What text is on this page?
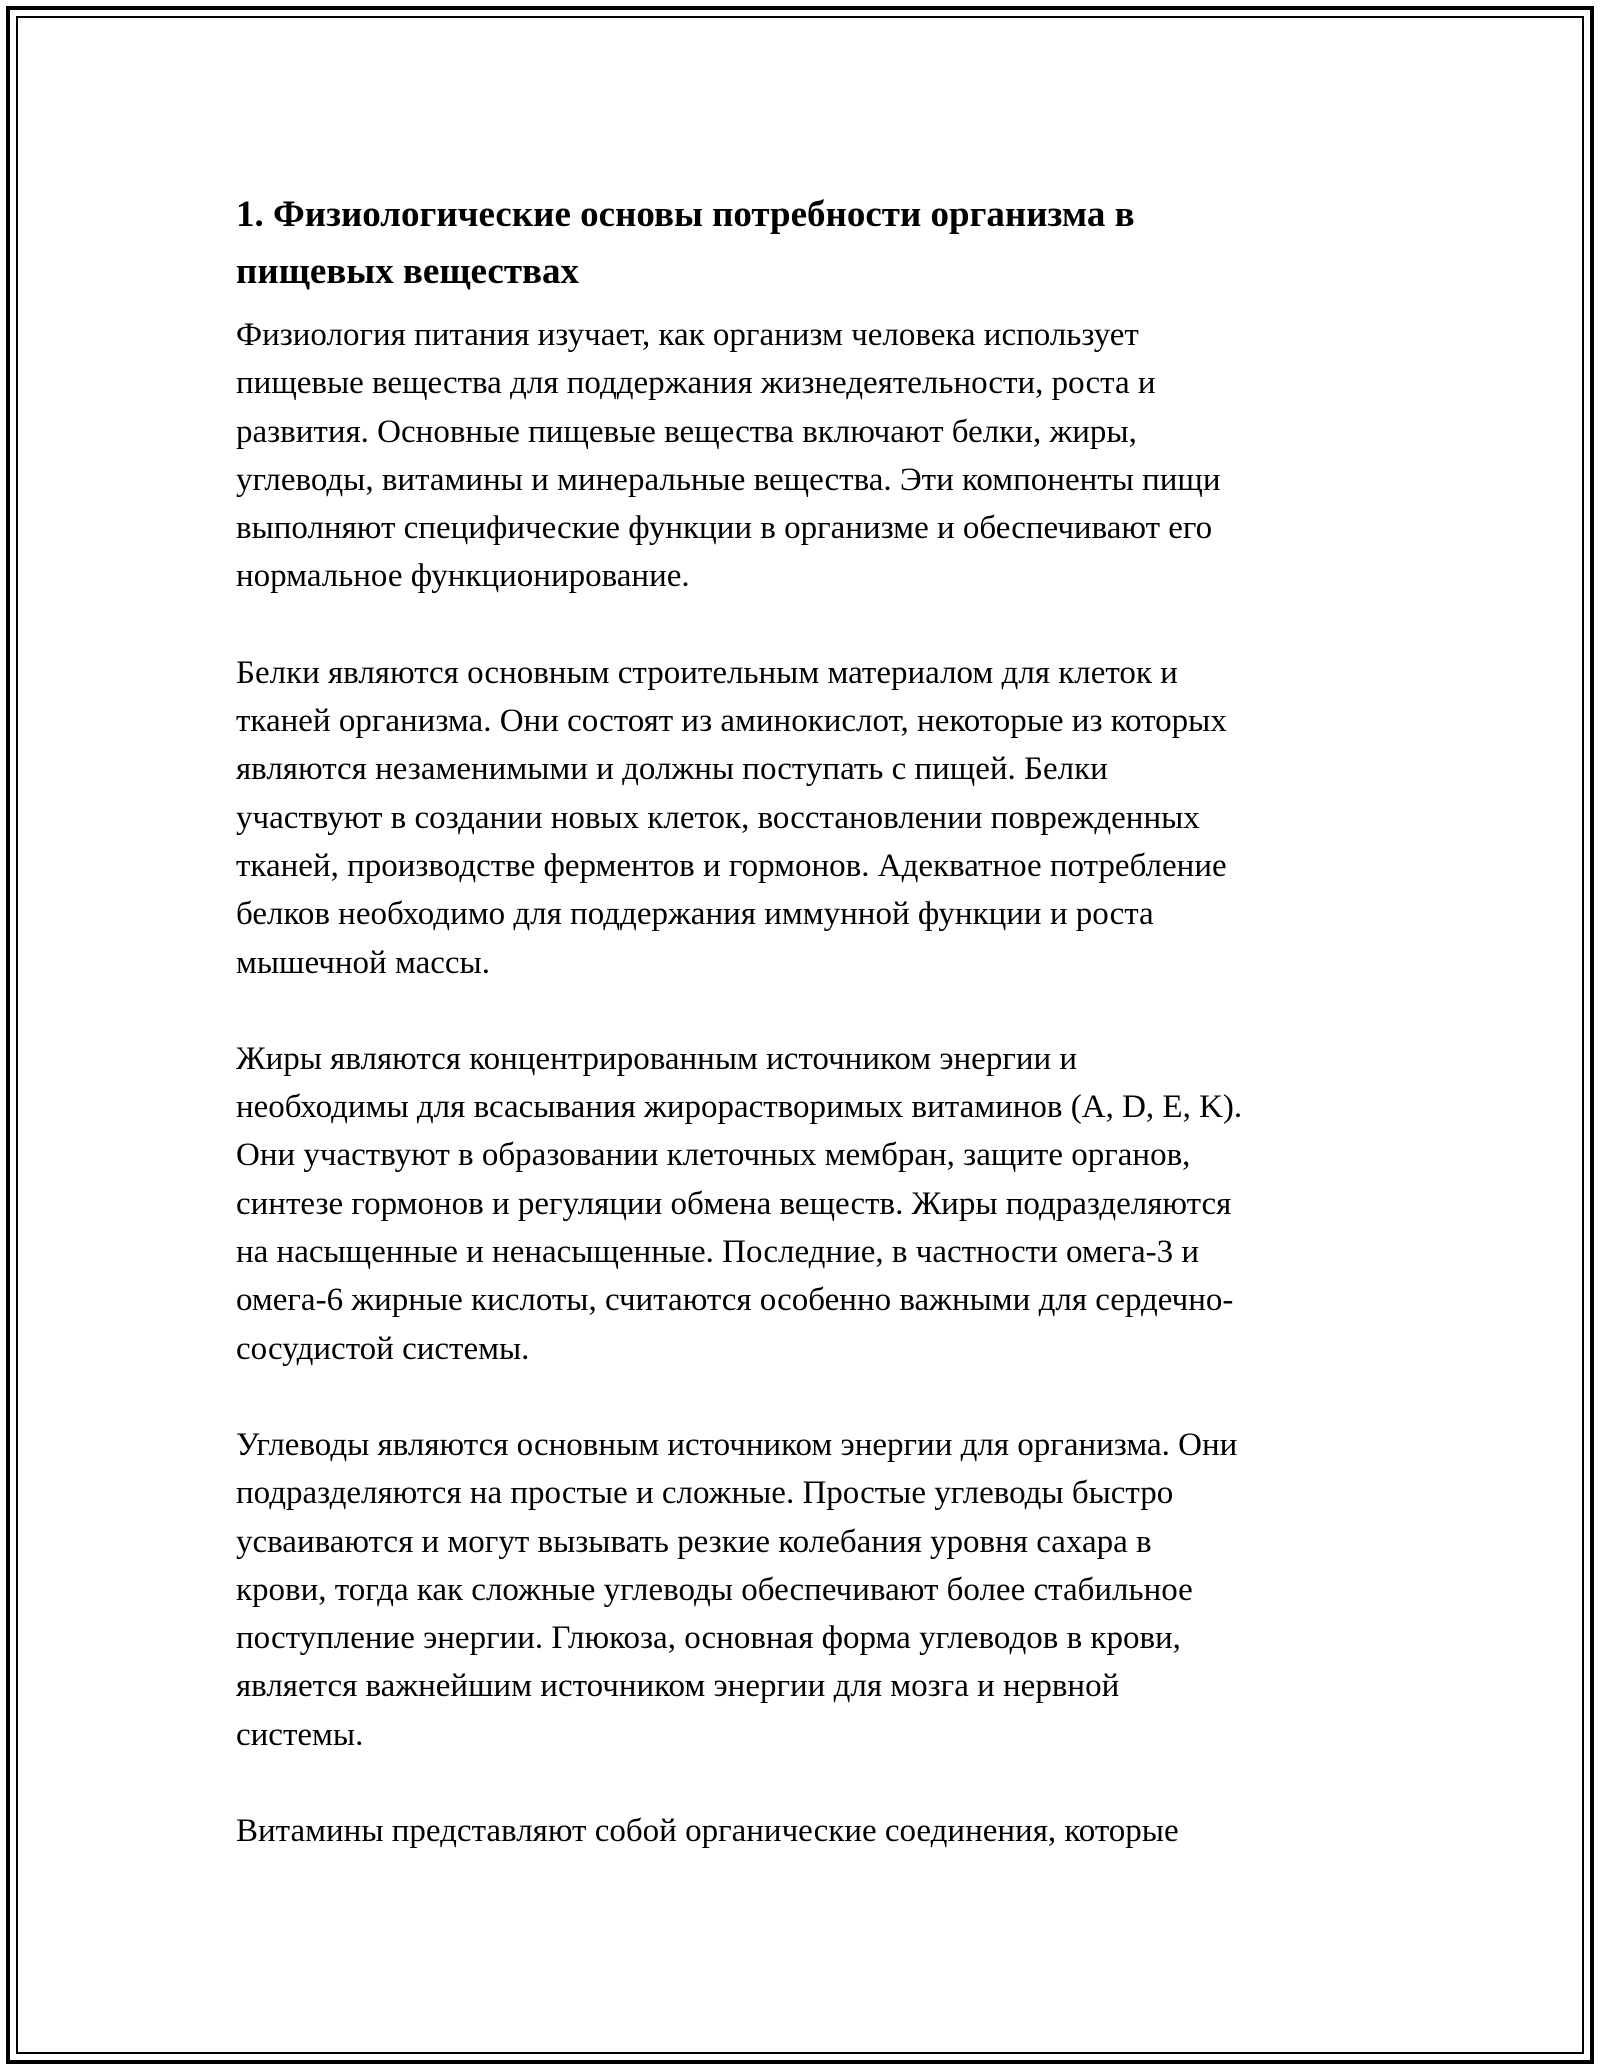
1. Физиологические основы потребности организма в
пищевых веществах

Физиология питания изучает, как организм человека использует
пищевые вещества для поддержания жизнедеятельности, роста и
развития. Основные пищевые вещества включают белки, жиры,
углеводы, витамины и минеральные вещества. Эти компоненты пищи
выполняют специфические функции в организме и обеспечивают его
нормальное функционирование.

Белки являются основным строительным материалом для клеток и
тканей организма. Они состоят из аминокислот, некоторые из которых
являются незаменимыми и должны поступать с пищей. Белки
участвуют в создании новых клеток, восстановлении поврежденных
тканей, производстве ферментов и гормонов. Адекватное потребление
белков необходимо для поддержания иммунной функции и роста
мышечной массы.

Жиры являются концентрированным источником энергии и
необходимы для всасывания жирорастворимых витаминов (A, D, E, K).
Они участвуют в образовании клеточных мембран, защите органов,
синтезе гормонов и регуляции обмена веществ. Жиры подразделяются
на насыщенные и ненасыщенные. Последние, в частности омега-3 и
омега-6 жирные кислоты, считаются особенно важными для сердечно-
сосудистой системы.

Углеводы являются основным источником энергии для организма. Они
подразделяются на простые и сложные. Простые углеводы быстро
усваиваются и могут вызывать резкие колебания уровня сахара в
крови, тогда как сложные углеводы обеспечивают более стабильное
поступление энергии. Глюкоза, основная форма углеводов в крови,
является важнейшим источником энергии для мозга и нервной
системы.

Витамины представляют собой органические соединения, которые
